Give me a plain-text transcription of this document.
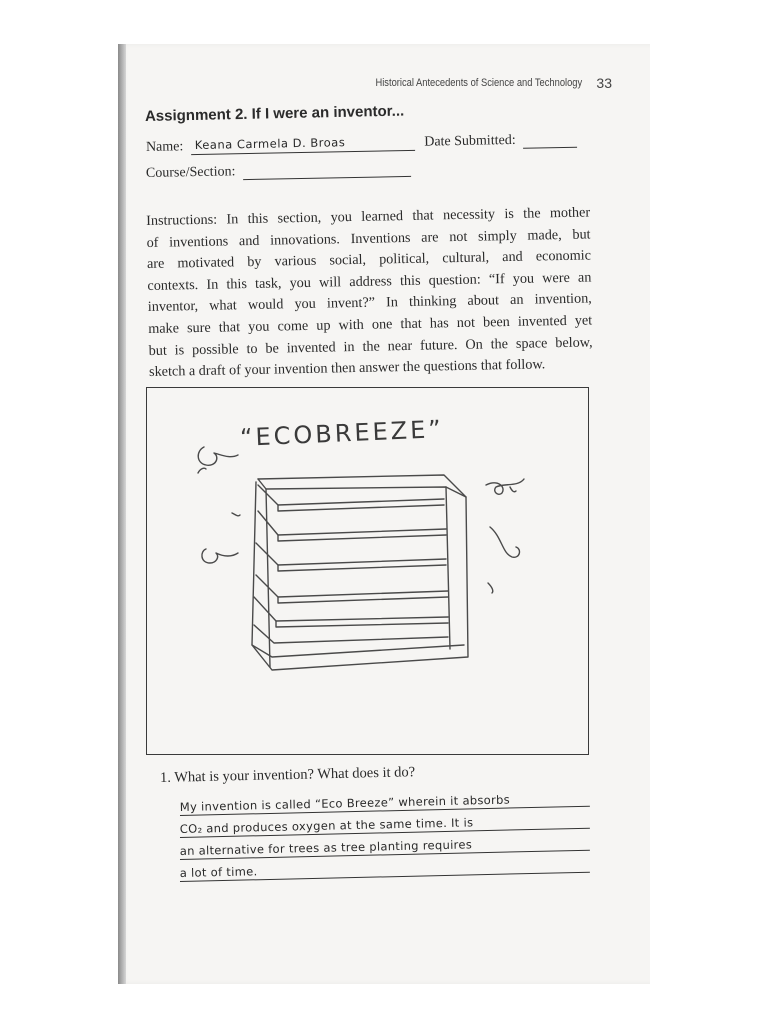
Historical Antecedents of Science and Technology 33
Assignment 2. If I were an inventor...
Name: Keana Carmela D. Broas	Date Submitted:
Course/Section:
Instructions: In this section, you learned that necessity is the mother
of inventions and innovations. Inventions are not simply made, but
are motivated by various social, political, cultural, and economic
contexts. In this task, you will address this question: “If you were an
inventor, what would you invent?” In thinking about an invention,
make sure that you come up with one that has not been invented yet
but is possible to be invented in the near future. On the space below,
sketch a draft of your invention then answer the questions that follow.
“ECOBREEZE”
1. What is your invention? What does it do?
My invention is called “Eco Breeze” wherein it absorbs
CO₂ and produces oxygen at the same time. It is
an alternative for trees as tree planting requires
a lot of time.
